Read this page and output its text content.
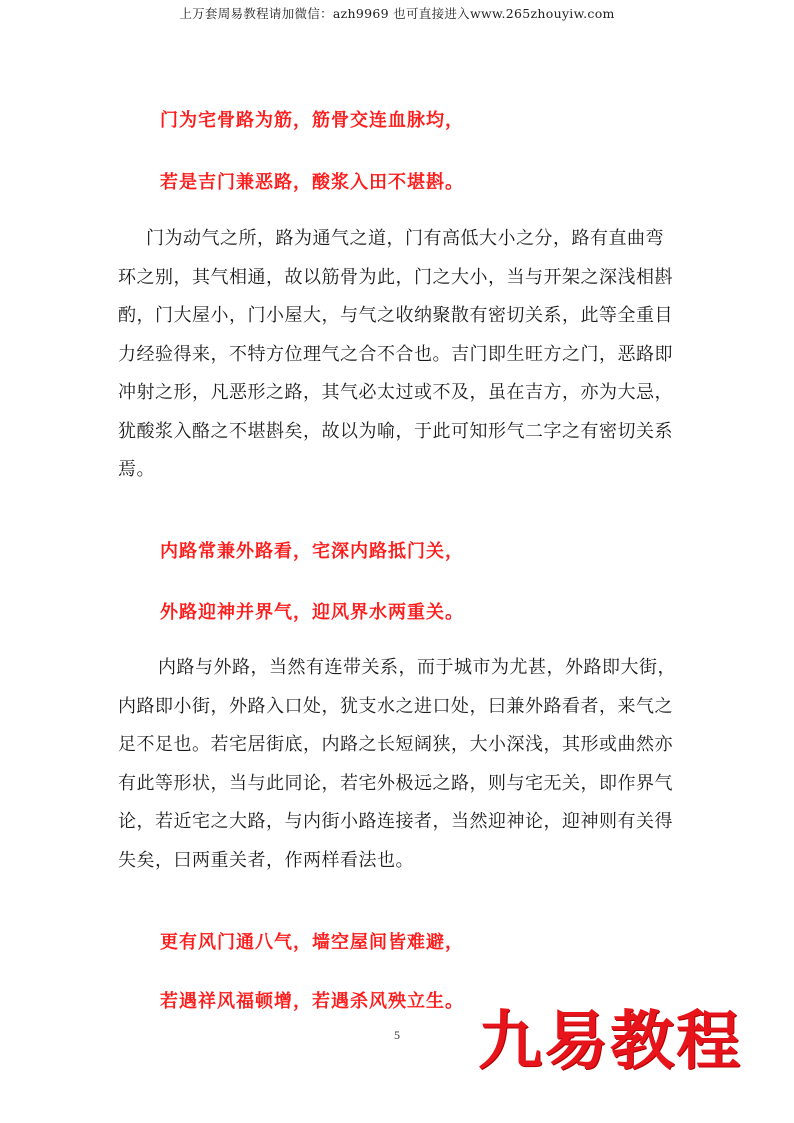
上万套周易教程请加微信：azh9969 也可直接进入www.265zhouyiw.com
门为宅骨路为筋，筋骨交连血脉均，
若是吉门兼恶路，酸浆入田不堪斟。
门为动气之所，路为通气之道，门有高低大小之分，路有直曲弯
环之别，其气相通，故以筋骨为此，门之大小，当与开架之深浅相斟
酌，门大屋小，门小屋大，与气之收纳聚散有密切关系，此等全重目
力经验得来，不特方位理气之合不合也。吉门即生旺方之门，恶路即
冲射之形，凡恶形之路，其气必太过或不及，虽在吉方，亦为大忌，
犹酸浆入酪之不堪斟矣，故以为喻，于此可知形气二字之有密切关系
焉。
内路常兼外路看，宅深内路抵门关，
外路迎神并界气，迎风界水两重关。
内路与外路，当然有连带关系，而于城市为尤甚，外路即大街，
内路即小街，外路入口处，犹支水之进口处，曰兼外路看者，来气之
足不足也。若宅居街底，内路之长短阔狭，大小深浅，其形或曲然亦
有此等形状，当与此同论，若宅外极远之路，则与宅无关，即作界气
论，若近宅之大路，与内街小路连接者，当然迎神论，迎神则有关得
失矣，曰两重关者，作两样看法也。
更有风门通八气，墙空屋间皆难避，
若遇祥风福顿增，若遇杀风殃立生。
5 九易教程
